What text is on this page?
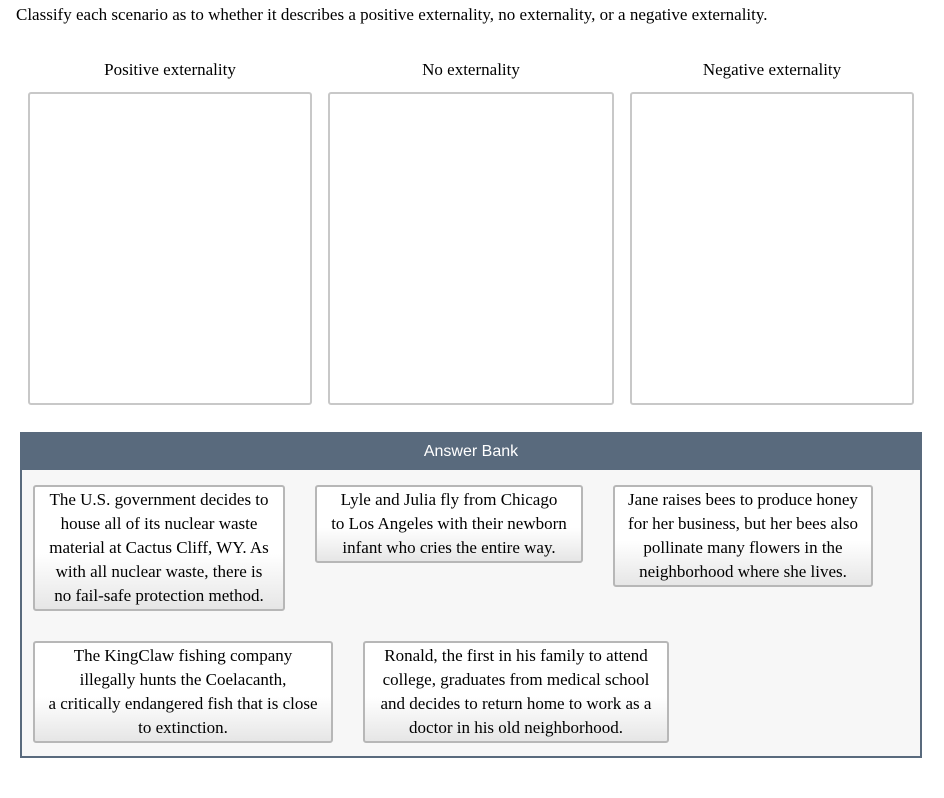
Classify each scenario as to whether it describes a positive externality, no externality, or a negative externality.
Positive externality	No externality	Negative externality
Answer Bank
The U.S. government decides to
house all of its nuclear waste
material at Cactus Cliff, WY. As
with all nuclear waste, there is
no fail-safe protection method.
Lyle and Julia fly from Chicago
to Los Angeles with their newborn
infant who cries the entire way.
Jane raises bees to produce honey
for her business, but her bees also
pollinate many flowers in the
neighborhood where she lives.
The KingClaw fishing company
illegally hunts the Coelacanth,
a critically endangered fish that is close
to extinction.
Ronald, the first in his family to attend
college, graduates from medical school
and decides to return home to work as a
doctor in his old neighborhood.
